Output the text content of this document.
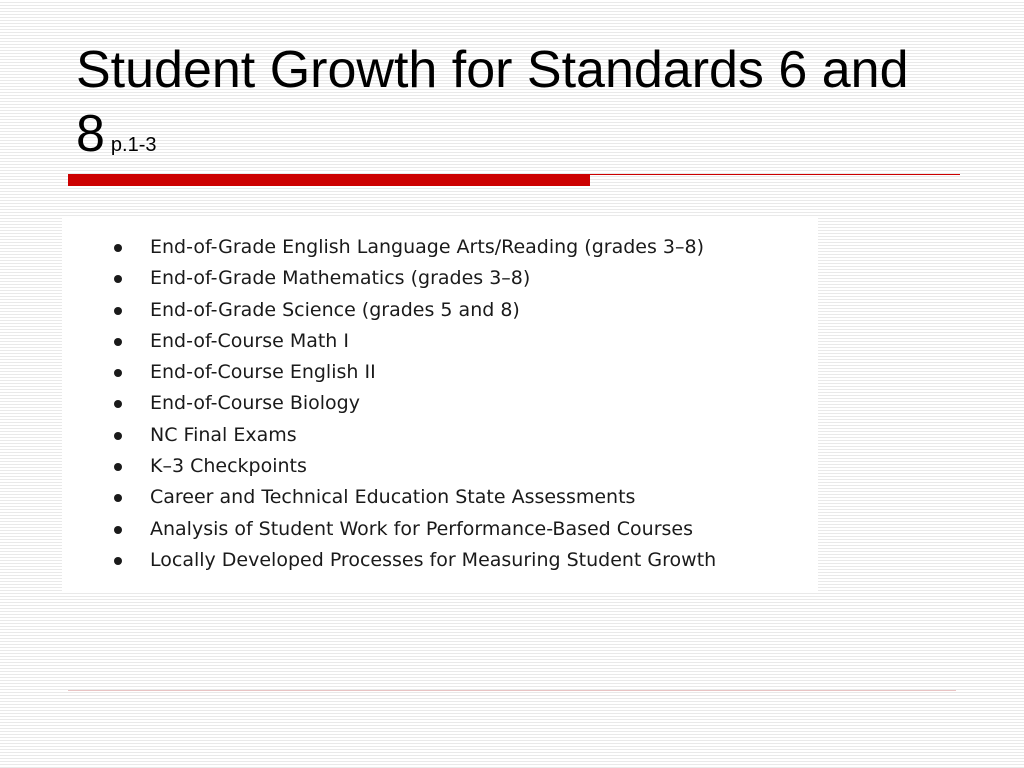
Student Growth for Standards 6 and 8 p.1-3
End-of-Grade English Language Arts/Reading (grades 3–8)
End-of-Grade Mathematics (grades 3–8)
End-of-Grade Science (grades 5 and 8)
End-of-Course Math I
End-of-Course English II
End-of-Course Biology
NC Final Exams
K–3 Checkpoints
Career and Technical Education State Assessments
Analysis of Student Work for Performance-Based Courses
Locally Developed Processes for Measuring Student Growth
